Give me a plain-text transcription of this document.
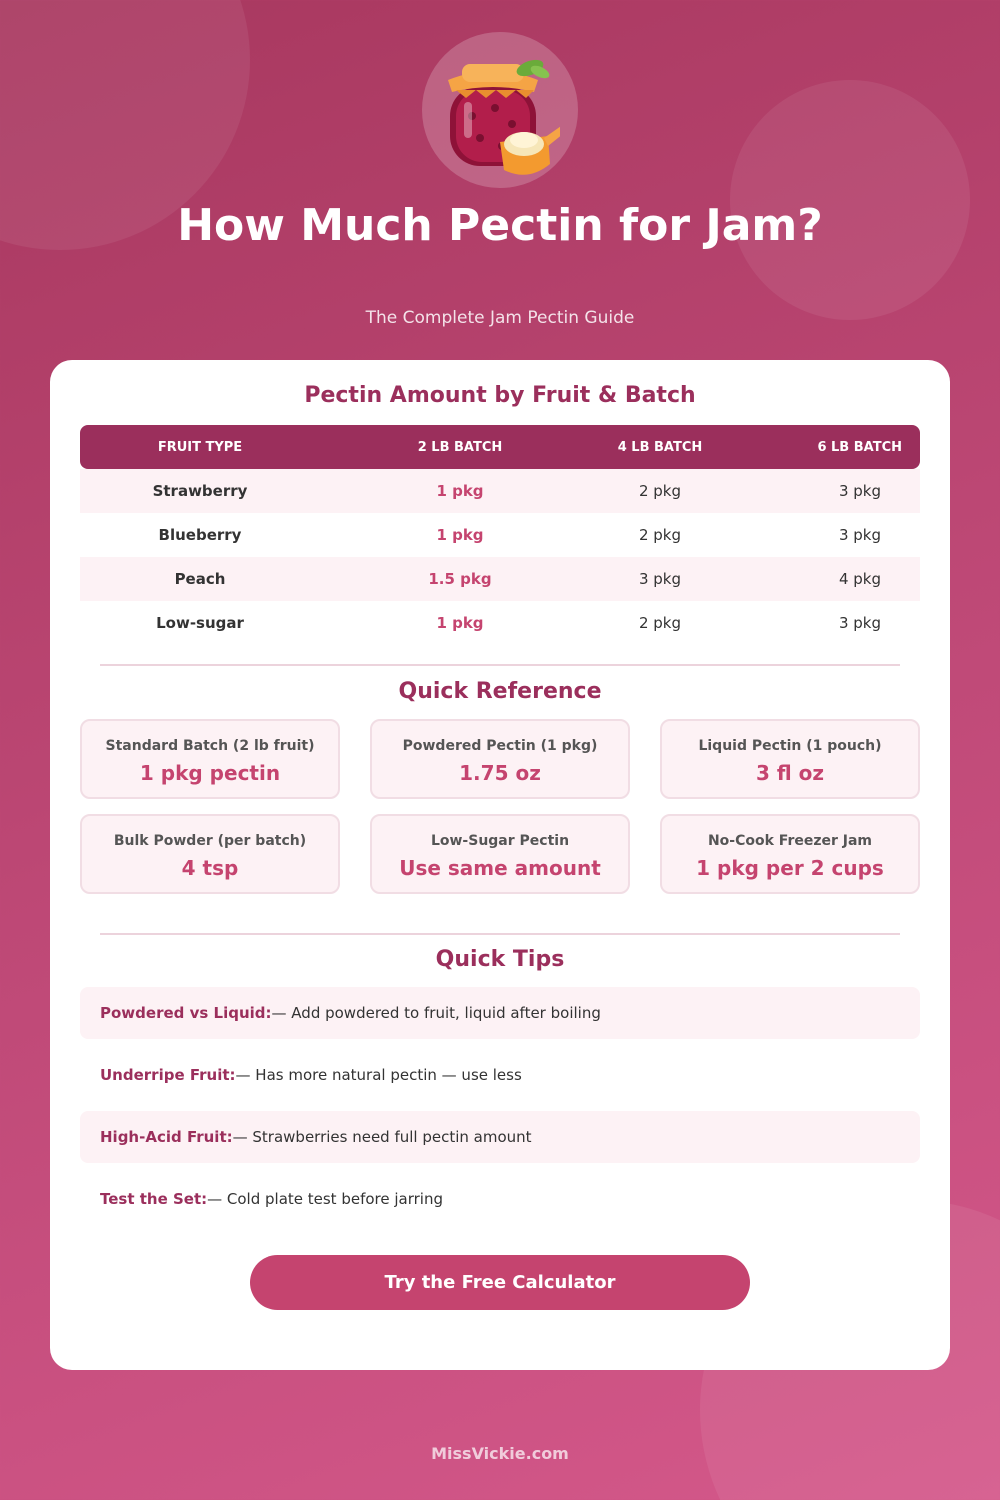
How Much Pectin for Jam?
The Complete Jam Pectin Guide
Pectin Amount by Fruit & Batch
FRUIT TYPE	2 LB BATCH	4 LB BATCH	6 LB BATCH
Strawberry	1 pkg	2 pkg	3 pkg
Blueberry	1 pkg	2 pkg	3 pkg
Peach	1.5 pkg	3 pkg	4 pkg
Low-sugar	1 pkg	2 pkg	3 pkg
Quick Reference
Standard Batch (2 lb fruit)
1 pkg pectin
Powdered Pectin (1 pkg)
1.75 oz
Liquid Pectin (1 pouch)
3 fl oz
Bulk Powder (per batch)
4 tsp
Low-Sugar Pectin
Use same amount
No-Cook Freezer Jam
1 pkg per 2 cups
Quick Tips
Powdered vs Liquid: — Add powdered to fruit, liquid after boiling
Underripe Fruit: — Has more natural pectin — use less
High-Acid Fruit: — Strawberries need full pectin amount
Test the Set: — Cold plate test before jarring
Try the Free Calculator
MissVickie.com
